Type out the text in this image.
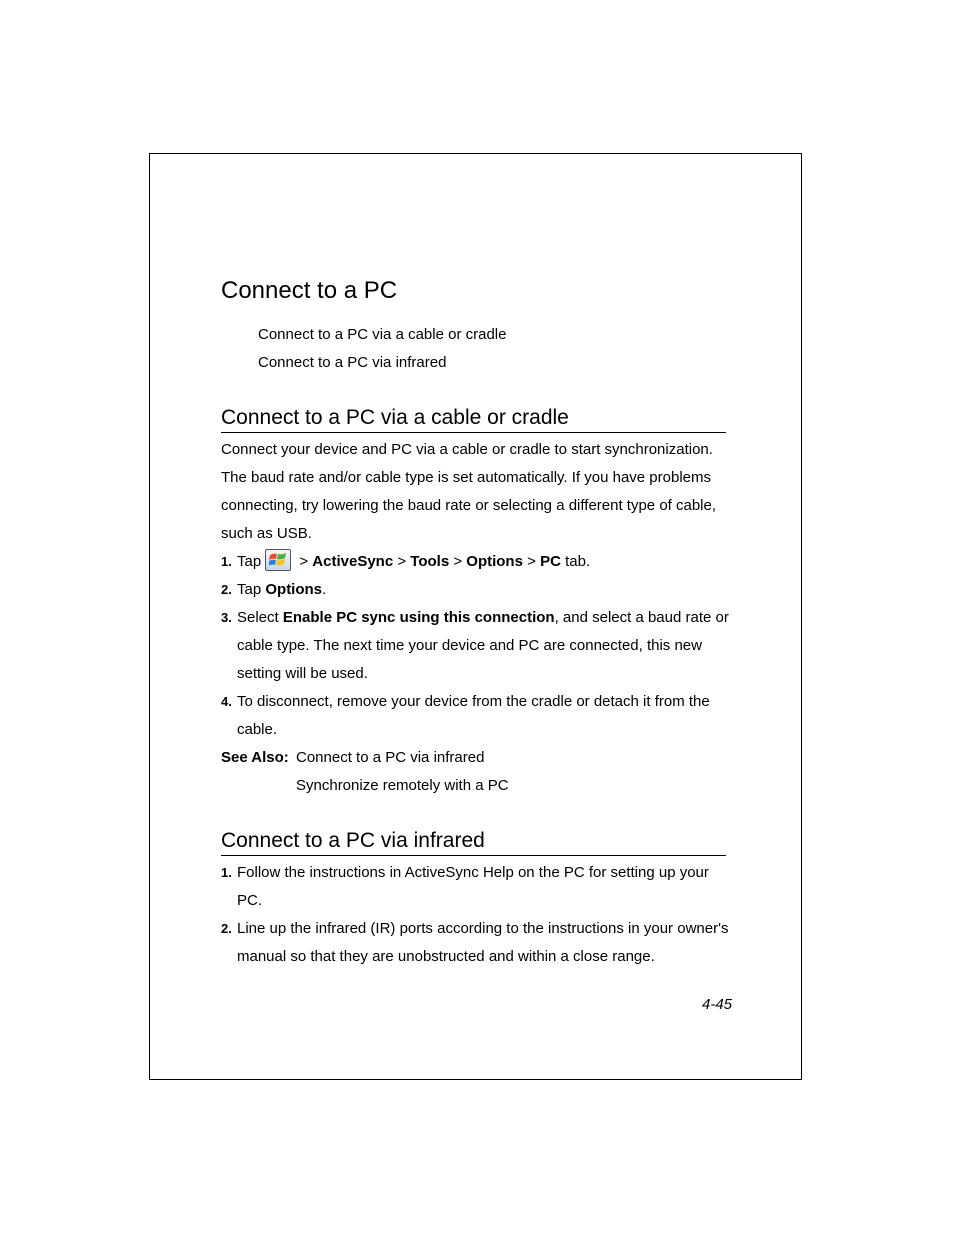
Connect to a PC
Connect to a PC via a cable or cradle
Connect to a PC via infrared
Connect to a PC via a cable or cradle
Connect your device and PC via a cable or cradle to start synchronization. The baud rate and/or cable type is set automatically. If you have problems connecting, try lowering the baud rate or selecting a different type of cable, such as USB.
1. Tap
> ActiveSync > Tools > Options > PC tab.
2. Tap Options.
3. Select Enable PC sync using this connection, and select a baud rate or cable type. The next time your device and PC are connected, this new setting will be used.
4. To disconnect, remove your device from the cradle or detach it from the cable.
See Also: Connect to a PC via infrared
Synchronize remotely with a PC
Connect to a PC via infrared
1. Follow the instructions in ActiveSync Help on the PC for setting up your PC.
2. Line up the infrared (IR) ports according to the instructions in your owner's manual so that they are unobstructed and within a close range.
4-45
